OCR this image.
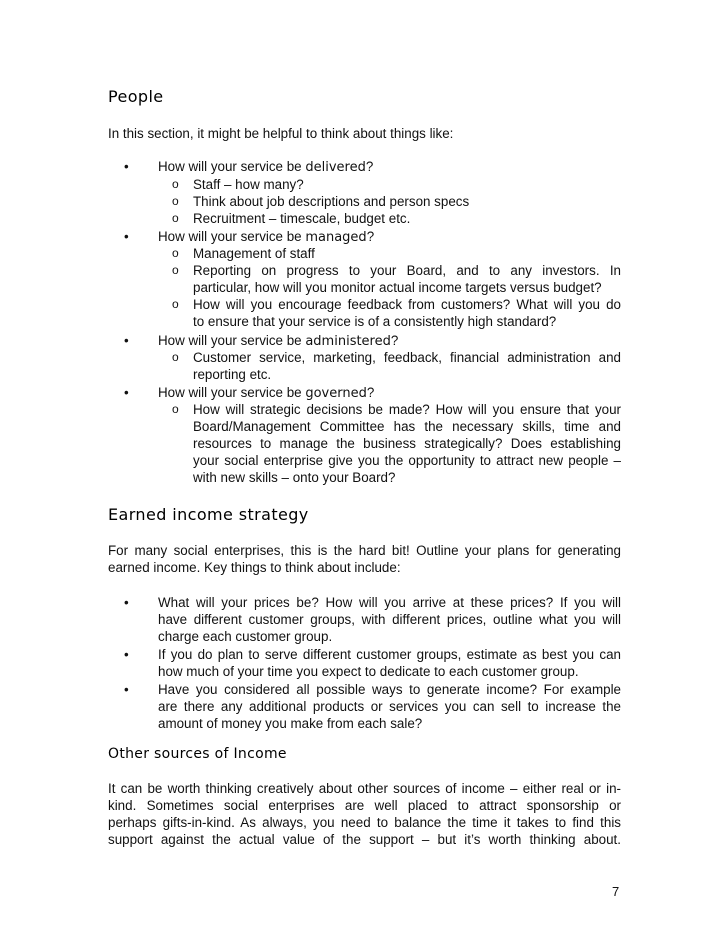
People
In this section, it might be helpful to think about things like:
• How will your service be delivered?
o Staff – how many?
o Think about job descriptions and person specs
o Recruitment – timescale, budget etc.
• How will your service be managed?
o Management of staff
o Reporting on progress to your Board, and to any investors. In
particular, how will you monitor actual income targets versus budget?
o How will you encourage feedback from customers? What will you do
to ensure that your service is of a consistently high standard?
• How will your service be administered?
o Customer service, marketing, feedback, financial administration and
reporting etc.
• How will your service be governed?
o How will strategic decisions be made? How will you ensure that your
Board/Management Committee has the necessary skills, time and
resources to manage the business strategically? Does establishing
your social enterprise give you the opportunity to attract new people –
with new skills – onto your Board?
Earned income strategy
For many social enterprises, this is the hard bit! Outline your plans for generating
earned income. Key things to think about include:
• What will your prices be? How will you arrive at these prices? If you will
have different customer groups, with different prices, outline what you will
charge each customer group.
• If you do plan to serve different customer groups, estimate as best you can
how much of your time you expect to dedicate to each customer group.
• Have you considered all possible ways to generate income? For example
are there any additional products or services you can sell to increase the
amount of money you make from each sale?
Other sources of Income
It can be worth thinking creatively about other sources of income – either real or in-
kind. Sometimes social enterprises are well placed to attract sponsorship or
perhaps gifts-in-kind. As always, you need to balance the time it takes to find this
support against the actual value of the support – but it’s worth thinking about.
7
